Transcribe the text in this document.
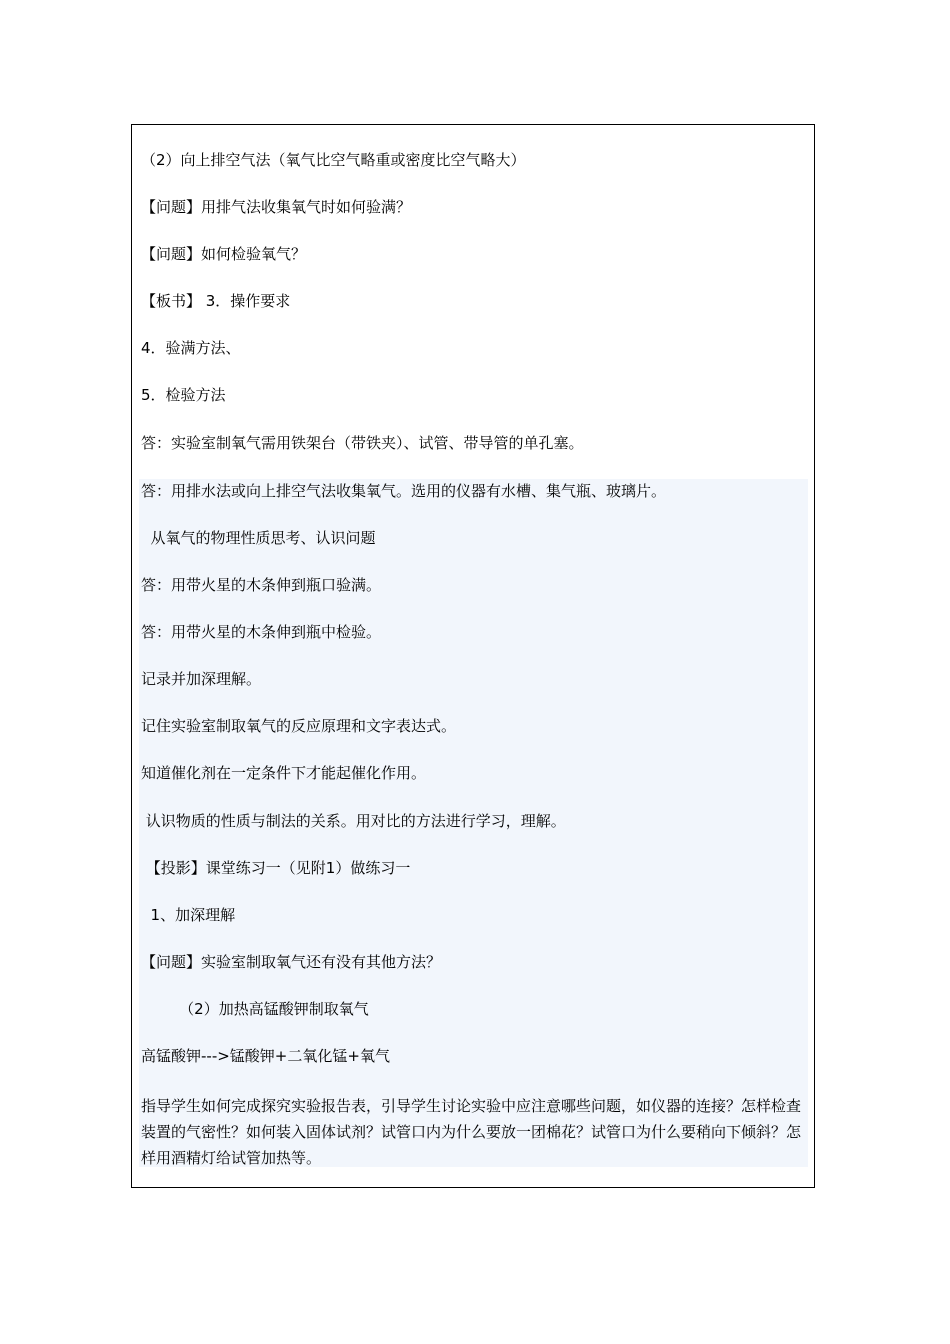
（2）向上排空气法（氧气比空气略重或密度比空气略大）
【问题】用排气法收集氧气时如何验满？
【问题】如何检验氧气？
【板书】 3．操作要求
4．验满方法、
5．检验方法
答：实验室制氧气需用铁架台（带铁夹）、试管、带导管的单孔塞。
答：用排水法或向上排空气法收集氧气。选用的仪器有水槽、集气瓶、玻璃片。
从氧气的物理性质思考、认识问题
答：用带火星的木条伸到瓶口验满。
答：用带火星的木条伸到瓶中检验。
记录并加深理解。
记住实验室制取氧气的反应原理和文字表达式。
知道催化剂在一定条件下才能起催化作用。
认识物质的性质与制法的关系。用对比的方法进行学习，理解。
【投影】课堂练习一（见附1）做练习一
1、加深理解
【问题】实验室制取氧气还有没有其他方法？
（2）加热高锰酸钾制取氧气
高锰酸钾--->锰酸钾+二氧化锰+氧气
指导学生如何完成探究实验报告表，引导学生讨论实验中应注意哪些问题，如仪器的连接？怎样检查装置的气密性？如何装入固体试剂？试管口内为什么要放一团棉花？试管口为什么要稍向下倾斜？怎样用酒精灯给试管加热等。
